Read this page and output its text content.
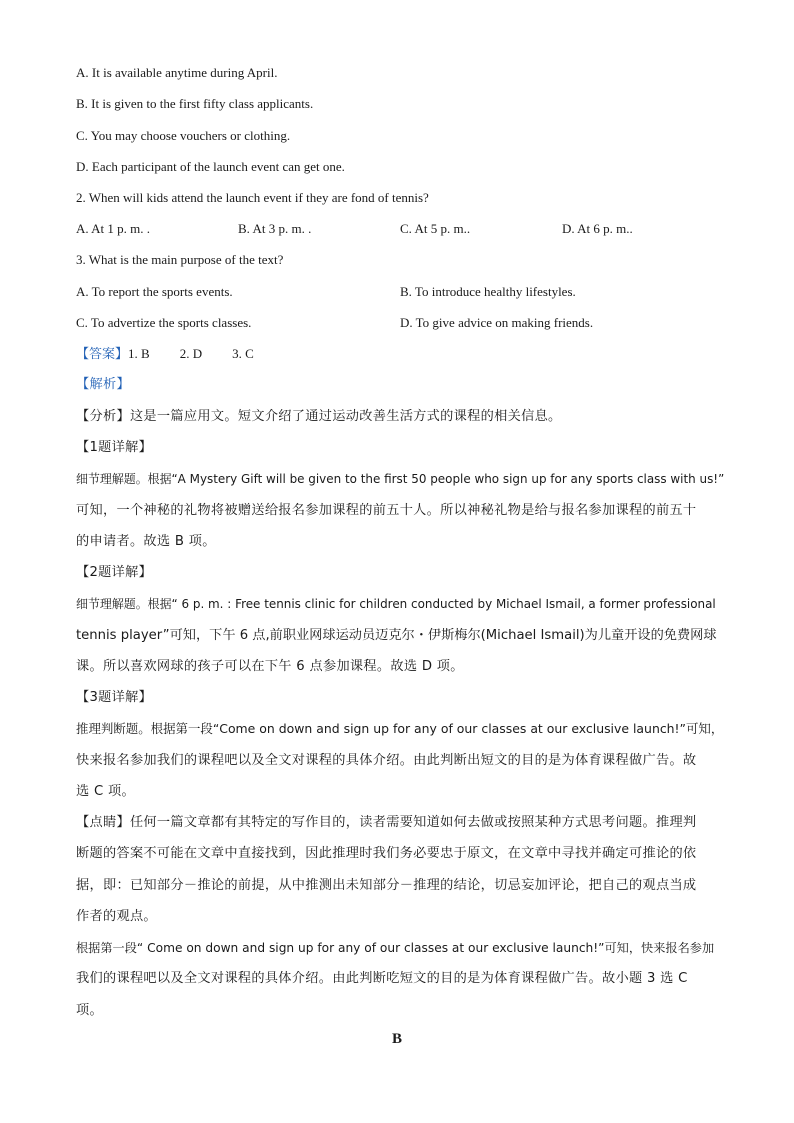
A. It is available anytime during April.
B. It is given to the first fifty class applicants.
C. You may choose vouchers or clothing.
D. Each participant of the launch event can get one.
2. When will kids attend the launch event if they are fond of tennis?
A. At 1 p. m. .	B. At 3 p. m. .	C. At 5 p. m..	D. At 6 p. m..
3. What is the main purpose of the text?
A. To report the sports events.	B. To introduce healthy lifestyles.
C. To advertize the sports classes.	D. To give advice on making friends.
【答案】1. B 2. D 3. C
【解析】
【分析】这是一篇应用文。短文介绍了通过运动改善生活方式的课程的相关信息。
【1题详解】
细节理解题。根据“A Mystery Gift will be given to the first 50 people who sign up for any sports class with us!”
可知，一个神秘的礼物将被赠送给报名参加课程的前五十人。所以神秘礼物是给与报名参加课程的前五十
的申请者。故选 B 项。
【2题详解】
细节理解题。根据“ 6 p. m. : Free tennis clinic for children conducted by Michael Ismail, a former professional
tennis player”可知，下午 6 点,前职业网球运动员迈克尔・伊斯梅尔(Michael Ismail)为儿童开设的免费网球
课。所以喜欢网球的孩子可以在下午 6 点参加课程。故选 D 项。
【3题详解】
推理判断题。根据第一段“Come on down and sign up for any of our classes at our exclusive launch!”可知，
快来报名参加我们的课程吧以及全文对课程的具体介绍。由此判断出短文的目的是为体育课程做广告。故
选 C 项。
【点睛】任何一篇文章都有其特定的写作目的，读者需要知道如何去做或按照某种方式思考问题。推理判
断题的答案不可能在文章中直接找到，因此推理时我们务必要忠于原文，在文章中寻找并确定可推论的依
据，即：已知部分－推论的前提，从中推测出未知部分－推理的结论，切忌妄加评论，把自己的观点当成
作者的观点。
根据第一段“ Come on down and sign up for any of our classes at our exclusive launch!”可知，快来报名参加
我们的课程吧以及全文对课程的具体介绍。由此判断吃短文的目的是为体育课程做广告。故小题 3 选 C
项。
B
